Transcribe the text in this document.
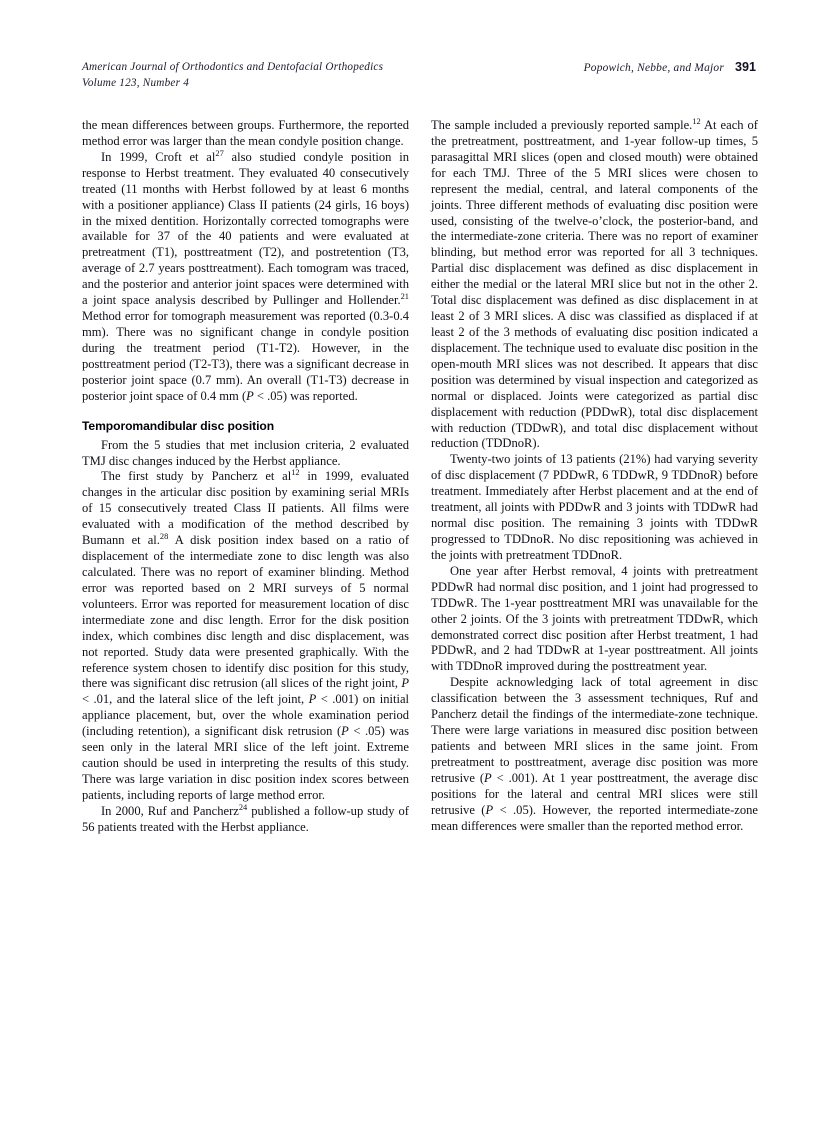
American Journal of Orthodontics and Dentofacial Orthopedics
Volume 123, Number 4
Popowich, Nebbe, and Major 391

the mean differences between groups. Furthermore, the reported method error was larger than the mean condyle position change.

In 1999, Croft et $al^{27}$ also studied condyle position in response to Herbst treatment. They evaluated 40 consecutively treated (11 months with Herbst followed by at least 6 months with a positioner appliance) Class II patients (24 girls, 16 boys) in the mixed dentition. Horizontally corrected tomographs were available for 37 of the 40 patients and were evaluated at pretreatment (T1), posttreatment (T2), and postretention (T3, average of 2.7 years posttreatment). Each tomogram was traced, and the posterior and anterior joint spaces were determined with a joint space analysis described by Pullinger and Hollender.$^{21}$ Method error for tomograph measurement was reported (0.3-0.4 mm). There was no significant change in condyle position during the treatment period (T1-T2). However, in the posttreatment period (T2-T3), there was a significant decrease in posterior joint space (0.7 mm). An overall (T1-T3) decrease in posterior joint space of 0.4 mm (P < .05) was reported.

Temporomandibular disc position

From the 5 studies that met inclusion criteria, 2 evaluated TMJ disc changes induced by the Herbst appliance.

The first study by Pancherz et $al^{12}$ in 1999, evaluated changes in the articular disc position by examining serial MRIs of 15 consecutively treated Class II patients. All films were evaluated with a modification of the method described by Bumann et al.$^{28}$ A disk position index based on a ratio of displacement of the intermediate zone to disc length was also calculated. There was no report of examiner blinding. Method error was reported based on 2 MRI surveys of 5 normal volunteers. Error was reported for measurement location of disc intermediate zone and disc length. Error for the disk position index, which combines disc length and disc displacement, was not reported. Study data were presented graphically. With the reference system chosen to identify disc position for this study, there was significant disc retrusion (all slices of the right joint, P < .01, and the lateral slice of the left joint, P < .001) on initial appliance placement, but, over the whole examination period (including retention), a significant disk retrusion (P < .05) was seen only in the lateral MRI slice of the left joint. Extreme caution should be used in interpreting the results of this study. There was large variation in disc position index scores between patients, including reports of large method error.

In 2000, Ruf and Pancherz$^{24}$ published a follow-up study of 56 patients treated with the Herbst appliance.

The sample included a previously reported sample.$^{12}$ At each of the pretreatment, posttreatment, and 1-year follow-up times, 5 parasagittal MRI slices (open and closed mouth) were obtained for each TMJ. Three of the 5 MRI slices were chosen to represent the medial, central, and lateral components of the joints. Three different methods of evaluating disc position were used, consisting of the twelve-o’clock, the posterior-band, and the intermediate-zone criteria. There was no report of examiner blinding, but method error was reported for all 3 techniques. Partial disc displacement was defined as disc displacement in either the medial or the lateral MRI slice but not in the other 2. Total disc displacement was defined as disc displacement in at least 2 of 3 MRI slices. A disc was classified as displaced if at least 2 of the 3 methods of evaluating disc position indicated a displacement. The technique used to evaluate disc position in the open-mouth MRI slices was not described. It appears that disc position was determined by visual inspection and categorized as normal or displaced. Joints were categorized as partial disc displacement with reduction (PDDwR), total disc displacement with reduction (TDDwR), and total disc displacement without reduction (TDDnoR).

Twenty-two joints of 13 patients (21%) had varying severity of disc displacement (7 PDDwR, 6 TDDwR, 9 TDDnoR) before treatment. Immediately after Herbst placement and at the end of treatment, all joints with PDDwR and 3 joints with TDDwR had normal disc position. The remaining 3 joints with TDDwR progressed to TDDnoR. No disc repositioning was achieved in the joints with pretreatment TDDnoR.

One year after Herbst removal, 4 joints with pretreatment PDDwR had normal disc position, and 1 joint had progressed to TDDwR. The 1-year posttreatment MRI was unavailable for the other 2 joints. Of the 3 joints with pretreatment TDDwR, which demonstrated correct disc position after Herbst treatment, 1 had PDDwR, and 2 had TDDwR at 1-year posttreatment. All joints with TDDnoR improved during the posttreatment year.

Despite acknowledging lack of total agreement in disc classification between the 3 assessment techniques, Ruf and Pancherz detail the findings of the intermediate-zone technique. There were large variations in measured disc position between patients and between MRI slices in the same joint. From pretreatment to posttreatment, average disc position was more retrusive (P < .001). At 1 year posttreatment, the average disc positions for the lateral and central MRI slices were still retrusive (P < .05). However, the reported intermediate-zone mean differences were smaller than the reported method error.
